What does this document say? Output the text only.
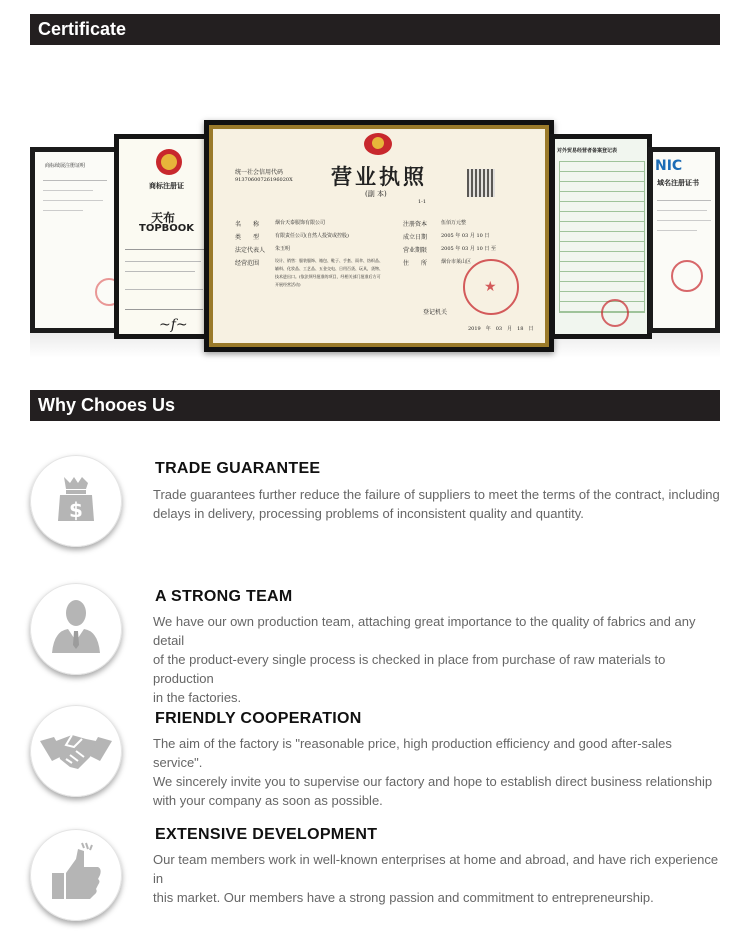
Certificate
商标续展注册证明
商标注册证
天布
TOPBOOK
~f~
统一社会信用代码
91370600726196020X 营业执照
(副 本)
1-1
名　　称	烟台天泰服饰有限公司
类　　型	有限责任公司(自然人投资或控股)
法定代表人 朱玉明
经营范围	设计、销售：服装服饰、箱包、鞋子、手套、雨伞、纺织品、
辅料、化妆品、工艺品、五金交电、日用百货、玩具，货物、
技术进出口。(依法须经批准的项目，经相关部门批准后方可
开展经营活动)
注册资本	伍佰万元整
成立日期	2005 年 03 月 10 日
营业期限	2005 年 03 月 10 日 至
住　　所	烟台市莱山区
★
登记机关
2019　年　03　月　18　日
对外贸易经营者备案登记表
NIC
域名注册证书
Why Chooes Us
$
TRADE GUARANTEE
Trade guarantees further reduce the failure of suppliers to meet the terms of the contract, including
delays in delivery, processing problems of inconsistent quality and quantity.
A STRONG TEAM
We have our own production team, attaching great importance to the quality of fabrics and any detail
of the product-every single process is checked in place from purchase of raw materials to production
in the factories.
FRIENDLY COOPERATION
The aim of the factory is "reasonable price, high production efficiency and good after-sales service".
We sincerely invite you to supervise our factory and hope to establish direct business relationship
with your company as soon as possible.
EXTENSIVE DEVELOPMENT
Our team members work in well-known enterprises at home and abroad, and have rich experience in
this market. Our members have a strong passion and commitment to entrepreneurship.
